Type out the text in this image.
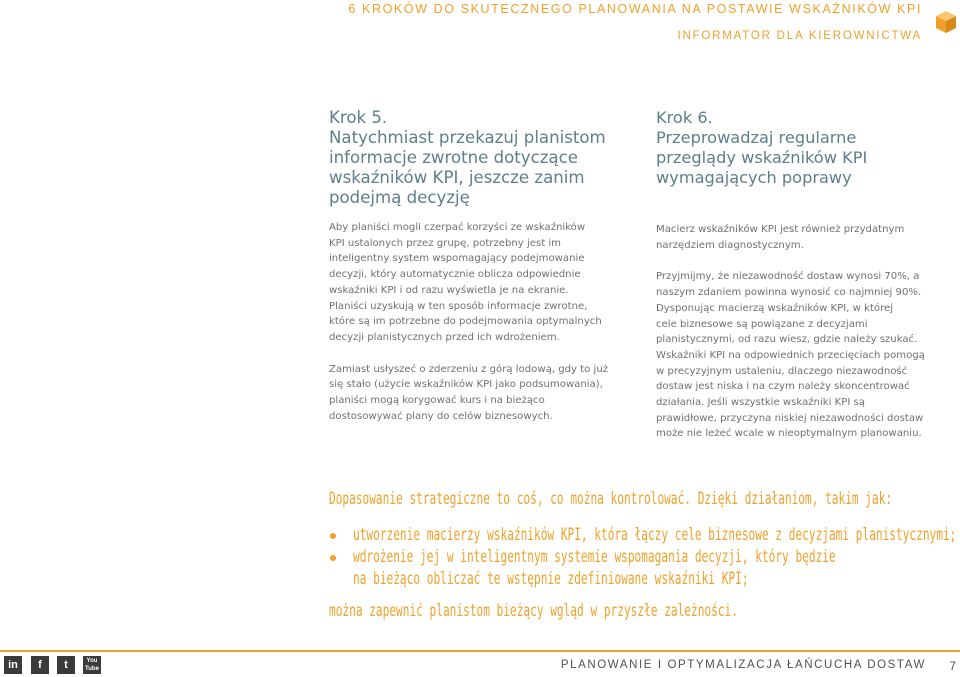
6 KROKÓW DO SKUTECZNEGO PLANOWANIA NA POSTAWIE WSKAŹNIKÓW KPI
INFORMATOR DLA KIEROWNICTWA
Krok 5.
Natychmiast przekazuj planistom
informacje zwrotne dotyczące
wskaźników KPI, jeszcze zanim
podejmą decyzję
Aby planiści mogli czerpać korzyści ze wskaźników
KPI ustalonych przez grupę, potrzebny jest im
inteligentny system wspomagający podejmowanie
decyzji, który automatycznie oblicza odpowiednie
wskaźniki KPI i od razu wyświetla je na ekranie.
Planiści uzyskują w ten sposób informacje zwrotne,
które są im potrzebne do podejmowania optymalnych
decyzji planistycznych przed ich wdrożeniem.
Zamiast usłyszeć o zderzeniu z górą lodową, gdy to już
się stało (użycie wskaźników KPI jako podsumowania),
planiści mogą korygować kurs i na bieżąco
dostosowywać plany do celów biznesowych.
Krok 6.
Przeprowadzaj regularne
przeglądy wskaźników KPI
wymagających poprawy
Macierz wskaźników KPI jest również przydatnym
narzędziem diagnostycznym.
Przyjmijmy, że niezawodność dostaw wynosi 70%, a
naszym zdaniem powinna wynosić co najmniej 90%.
Dysponując macierzą wskaźników KPI, w której
cele biznesowe są powiązane z decyzjami
planistycznymi, od razu wiesz, gdzie należy szukać.
Wskaźniki KPI na odpowiednich przecięciach pomogą
w precyzyjnym ustaleniu, dlaczego niezawodność
dostaw jest niska i na czym należy skoncentrować
działania. Jeśli wszystkie wskaźniki KPI są
prawidłowe, przyczyna niskiej niezawodności dostaw
może nie leżeć wcale w nieoptymalnym planowaniu.
Dopasowanie strategiczne to coś, co można kontrolować. Dzięki działaniom, takim jak:
utworzenie macierzy wskaźników KPI, która łączy cele biznesowe z decyzjami planistycznymi;
wdrożenie jej w inteligentnym systemie wspomagania decyzji, który będzie
na bieżąco obliczać te wstępnie zdefiniowane wskaźniki KPI;
można zapewnić planistom bieżący wgląd w przyszłe zależności.
in	f	t	You Tube	PLANOWANIE I OPTYMALIZACJA ŁAŃCUCHA DOSTAW 7
